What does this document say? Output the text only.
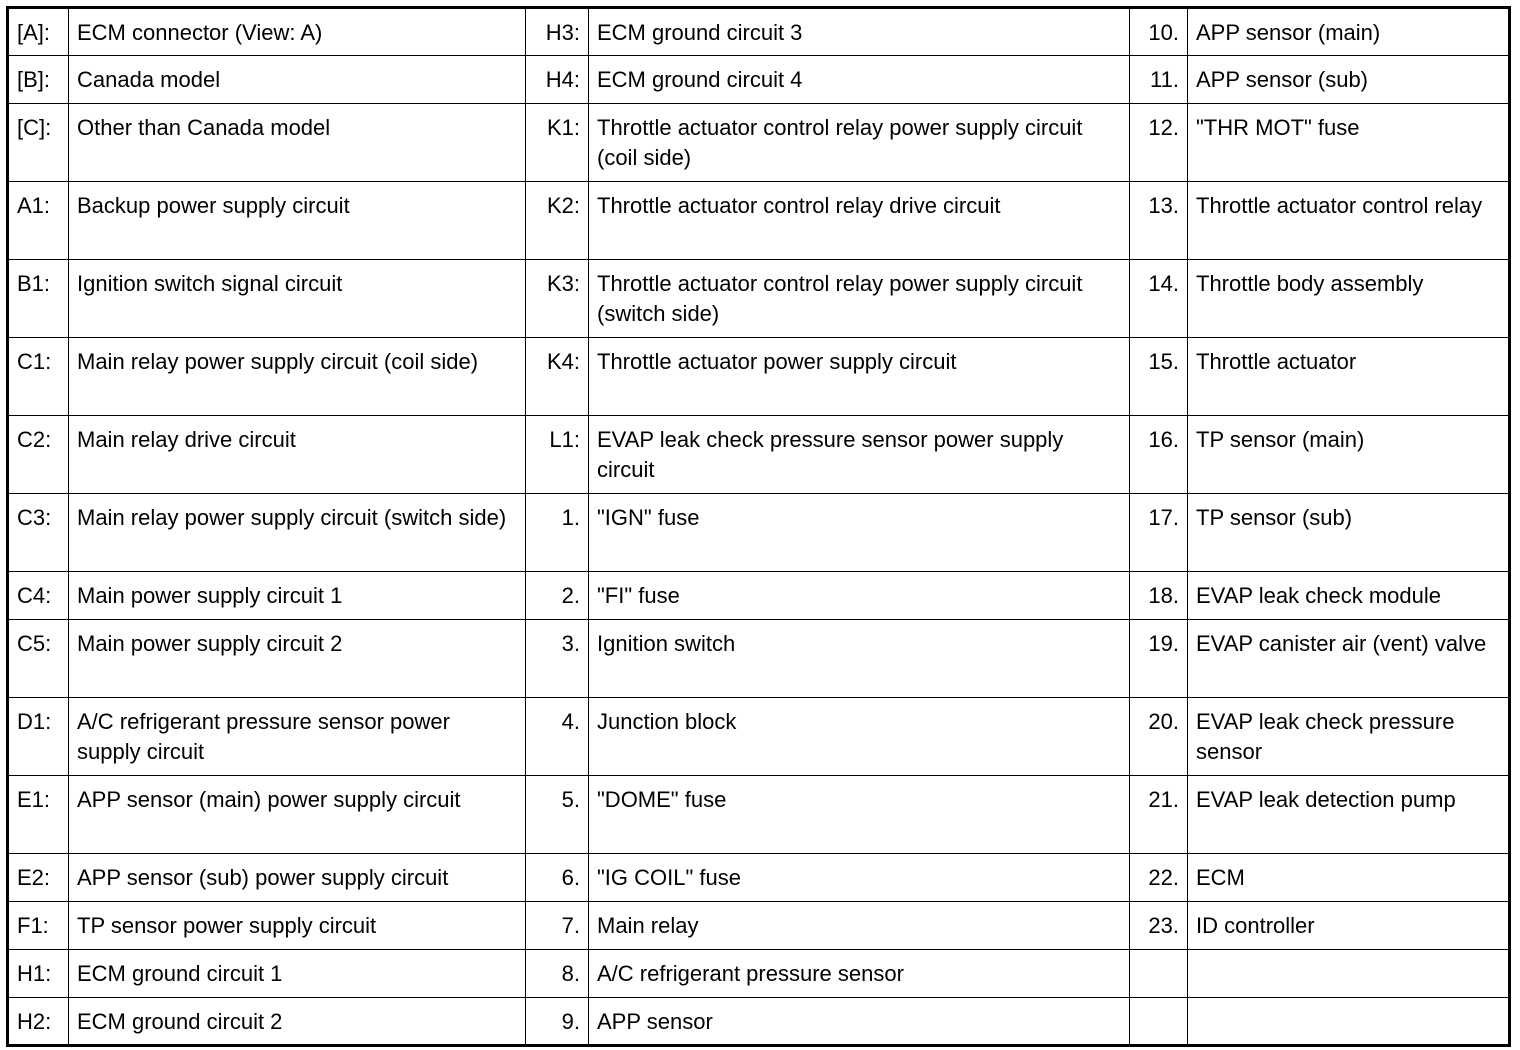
[A]:	ECM connector (View: A)	H3:	ECM ground circuit 3	10.	APP sensor (main)
[B]:	Canada model	H4:	ECM ground circuit 4	11.	APP sensor (sub)
[C]:	Other than Canada model	K1:	Throttle actuator control relay power supply circuit (coil side)	12.	"THR MOT" fuse
A1:	Backup power supply circuit	K2:	Throttle actuator control relay drive circuit	13.	Throttle actuator control relay
B1:	Ignition switch signal circuit	K3:	Throttle actuator control relay power supply circuit (switch side)	14.	Throttle body assembly
C1:	Main relay power supply circuit (coil side)	K4:	Throttle actuator power supply circuit	15.	Throttle actuator
C2:	Main relay drive circuit	L1:	EVAP leak check pressure sensor power supply circuit	16.	TP sensor (main)
C3:	Main relay power supply circuit (switch side)	1.	"IGN" fuse	17.	TP sensor (sub)
C4:	Main power supply circuit 1	2.	"FI" fuse	18.	EVAP leak check module
C5:	Main power supply circuit 2	3.	Ignition switch	19.	EVAP canister air (vent) valve
D1:	A/C refrigerant pressure sensor power supply circuit	4.	Junction block	20.	EVAP leak check pressure sensor
E1:	APP sensor (main) power supply circuit	5.	"DOME" fuse	21.	EVAP leak detection pump
E2:	APP sensor (sub) power supply circuit	6.	"IG COIL" fuse	22.	ECM
F1:	TP sensor power supply circuit	7.	Main relay	23.	ID controller
H1:	ECM ground circuit 1	8.	A/C refrigerant pressure sensor		
H2:	ECM ground circuit 2	9.	APP sensor		
